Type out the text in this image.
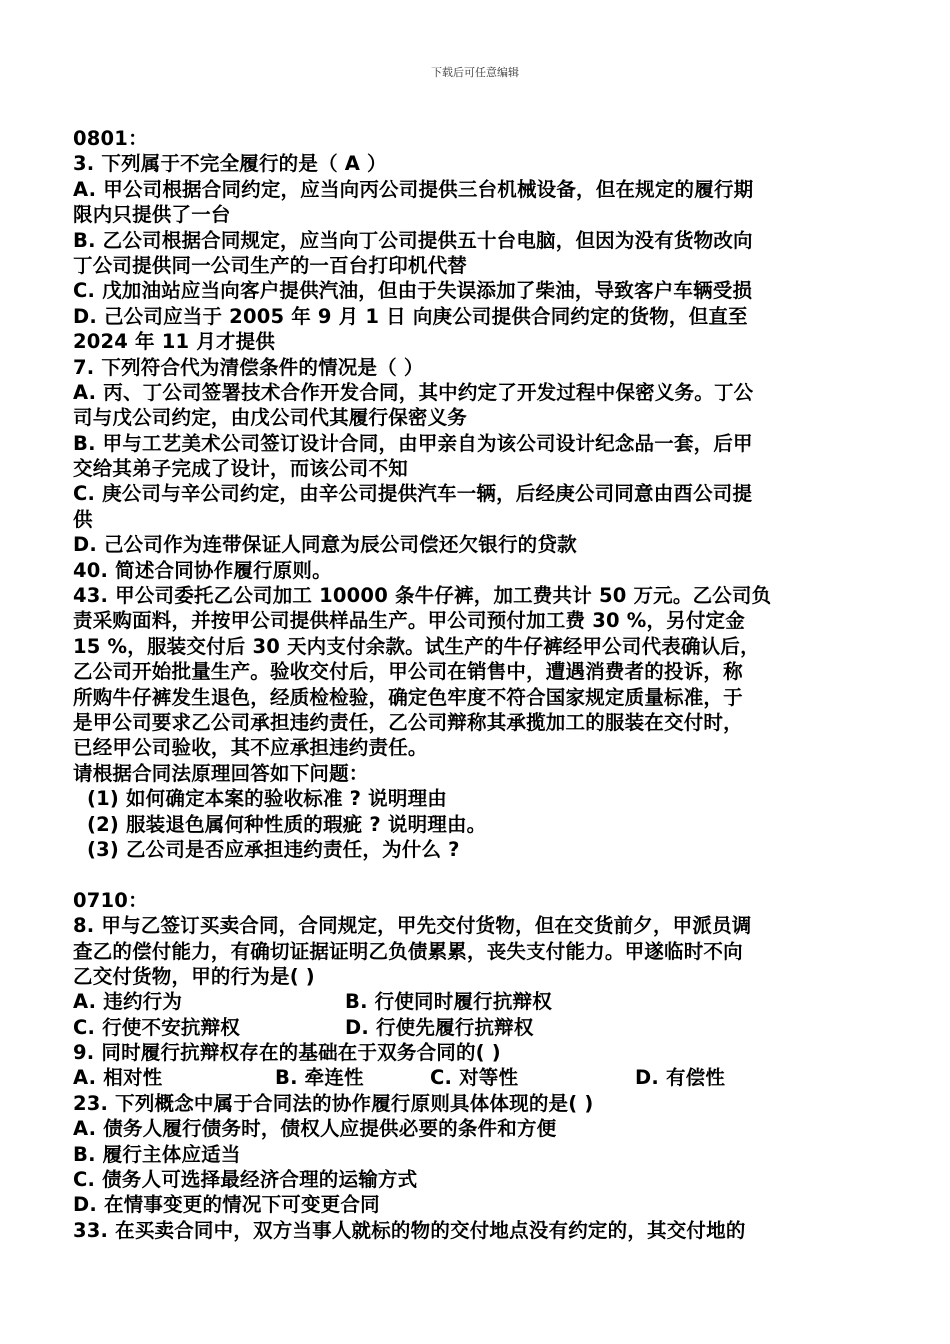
下载后可任意编辑
0801：
3. 下列属于不完全履行的是（ A ）
A. 甲公司根据合同约定，应当向丙公司提供三台机械设备，但在规定的履行期
限内只提供了一台
B. 乙公司根据合同规定，应当向丁公司提供五十台电脑，但因为没有货物改向
丁公司提供同一公司生产的一百台打印机代替
C. 戊加油站应当向客户提供汽油，但由于失误添加了柴油，导致客户车辆受损
D. 己公司应当于 2005 年 9 月 1 日 向庚公司提供合同约定的货物，但直至
2024 年 11 月才提供
7. 下列符合代为清偿条件的情况是（ ）
A. 丙、丁公司签署技术合作开发合同，其中约定了开发过程中保密义务。丁公
司与戊公司约定，由戊公司代其履行保密义务
B. 甲与工艺美术公司签订设计合同，由甲亲自为该公司设计纪念品一套，后甲
交给其弟子完成了设计，而该公司不知
C. 庚公司与辛公司约定，由辛公司提供汽车一辆，后经庚公司同意由酉公司提
供
D. 己公司作为连带保证人同意为辰公司偿还欠银行的贷款
40. 简述合同协作履行原则。
43. 甲公司委托乙公司加工 10000 条牛仔裤，加工费共计 50 万元。乙公司负
责采购面料，并按甲公司提供样品生产。甲公司预付加工费 30 %，另付定金
15 %，服装交付后 30 天内支付余款。试生产的牛仔裤经甲公司代表确认后，
乙公司开始批量生产。验收交付后，甲公司在销售中，遭遇消费者的投诉，称
所购牛仔裤发生退色，经质检检验，确定色牢度不符合国家规定质量标准，于
是甲公司要求乙公司承担违约责任，乙公司辩称其承揽加工的服装在交付时，
已经甲公司验收，其不应承担违约责任。
请根据合同法原理回答如下问题：
(1) 如何确定本案的验收标准 ? 说明理由
(2) 服装退色属何种性质的瑕疵 ? 说明理由。
(3) 乙公司是否应承担违约责任，为什么 ?
0710：
8. 甲与乙签订买卖合同，合同规定，甲先交付货物，但在交货前夕，甲派员调
查乙的偿付能力，有确切证据证明乙负债累累，丧失支付能力。甲遂临时不向
乙交付货物，甲的行为是( )
A. 违约行为	B. 行使同时履行抗辩权
C. 行使不安抗辩权	D. 行使先履行抗辩权
9. 同时履行抗辩权存在的基础在于双务合同的( )
A. 相对性	B. 牵连性	C. 对等性	D. 有偿性
23. 下列概念中属于合同法的协作履行原则具体体现的是( )
A. 债务人履行债务时，债权人应提供必要的条件和方便
B. 履行主体应适当
C. 债务人可选择最经济合理的运输方式
D. 在情事变更的情况下可变更合同
33. 在买卖合同中，双方当事人就标的物的交付地点没有约定的，其交付地的
